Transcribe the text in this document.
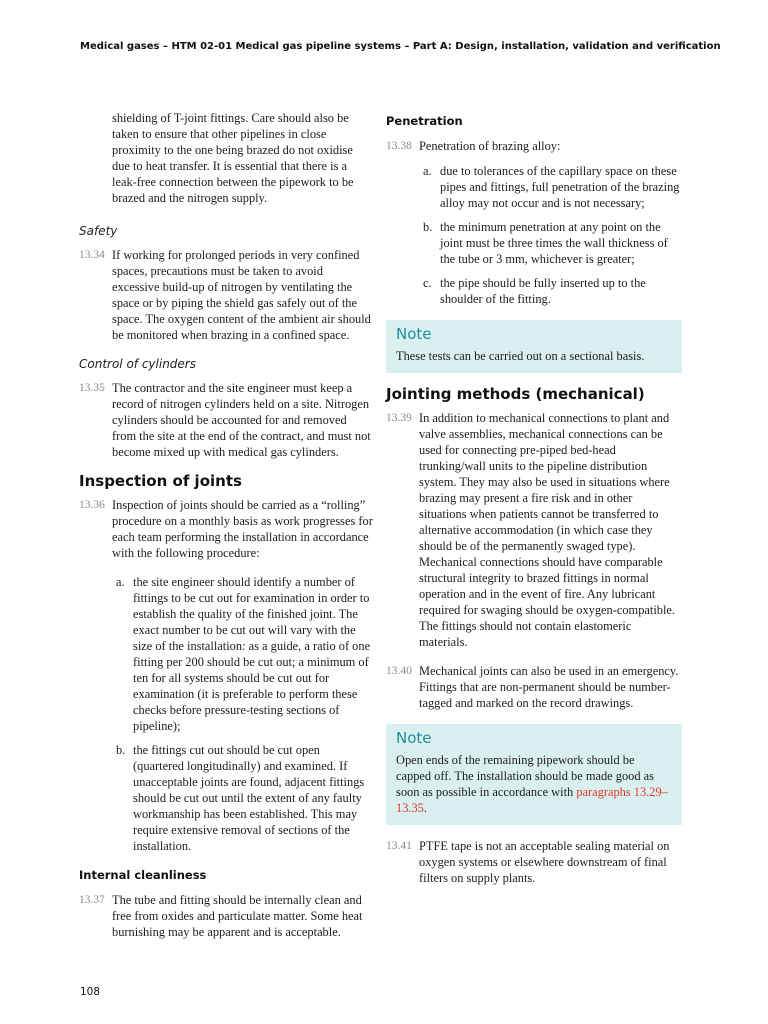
Medical gases – HTM 02-01 Medical gas pipeline systems – Part A: Design, installation, validation and verification

shielding of T-joint fittings. Care should also be taken to ensure that other pipelines in close proximity to the one being brazed do not oxidise due to heat transfer. It is essential that there is a leak-free connection between the pipework to be brazed and the nitrogen supply.

Safety

13.34 If working for prolonged periods in very confined spaces, precautions must be taken to avoid excessive build-up of nitrogen by ventilating the space or by piping the shield gas safely out of the space. The oxygen content of the ambient air should be monitored when brazing in a confined space.

Control of cylinders

13.35 The contractor and the site engineer must keep a record of nitrogen cylinders held on a site. Nitrogen cylinders should be accounted for and removed from the site at the end of the contract, and must not become mixed up with medical gas cylinders.

Inspection of joints

13.36 Inspection of joints should be carried as a “rolling” procedure on a monthly basis as work progresses for each team performing the installation in accordance with the following procedure:

a. the site engineer should identify a number of fittings to be cut out for examination in order to establish the quality of the finished joint. The exact number to be cut out will vary with the size of the installation: as a guide, a ratio of one fitting per 200 should be cut out; a minimum of ten for all systems should be cut out for examination (it is preferable to perform these checks before pressure-testing sections of pipeline);
b. the fittings cut out should be cut open (quartered longitudinally) and examined. If unacceptable joints are found, adjacent fittings should be cut out until the extent of any faulty workmanship has been established. This may require extensive removal of sections of the installation.
Internal cleanliness

13.37 The tube and fitting should be internally clean and free from oxides and particulate matter. Some heat burnishing may be apparent and is acceptable.

Penetration

13.38 Penetration of brazing alloy:

a. due to tolerances of the capillary space on these pipes and fittings, full penetration of the brazing alloy may not occur and is not necessary;
b. the minimum penetration at any point on the joint must be three times the wall thickness of the tube or 3 mm, whichever is greater;
c. the pipe should be fully inserted up to the shoulder of the fitting.
Note

These tests can be carried out on a sectional basis.

Jointing methods (mechanical)

13.39 In addition to mechanical connections to plant and valve assemblies, mechanical connections can be used for connecting pre-piped bed-head trunking/wall units to the pipeline distribution system. They may also be used in situations where brazing may present a fire risk and in other situations when patients cannot be transferred to alternative accommodation (in which case they should be of the permanently swaged type). Mechanical connections should have comparable structural integrity to brazed fittings in normal operation and in the event of fire. Any lubricant required for swaging should be oxygen-compatible. The fittings should not contain elastomeric materials.

13.40 Mechanical joints can also be used in an emergency. Fittings that are non-permanent should be number-tagged and marked on the record drawings.

Note

Open ends of the remaining pipework should be capped off. The installation should be made good as soon as possible in accordance with paragraphs 13.29–13.35.

13.41 PTFE tape is not an acceptable sealing material on oxygen systems or elsewhere downstream of final filters on supply plants.

108
